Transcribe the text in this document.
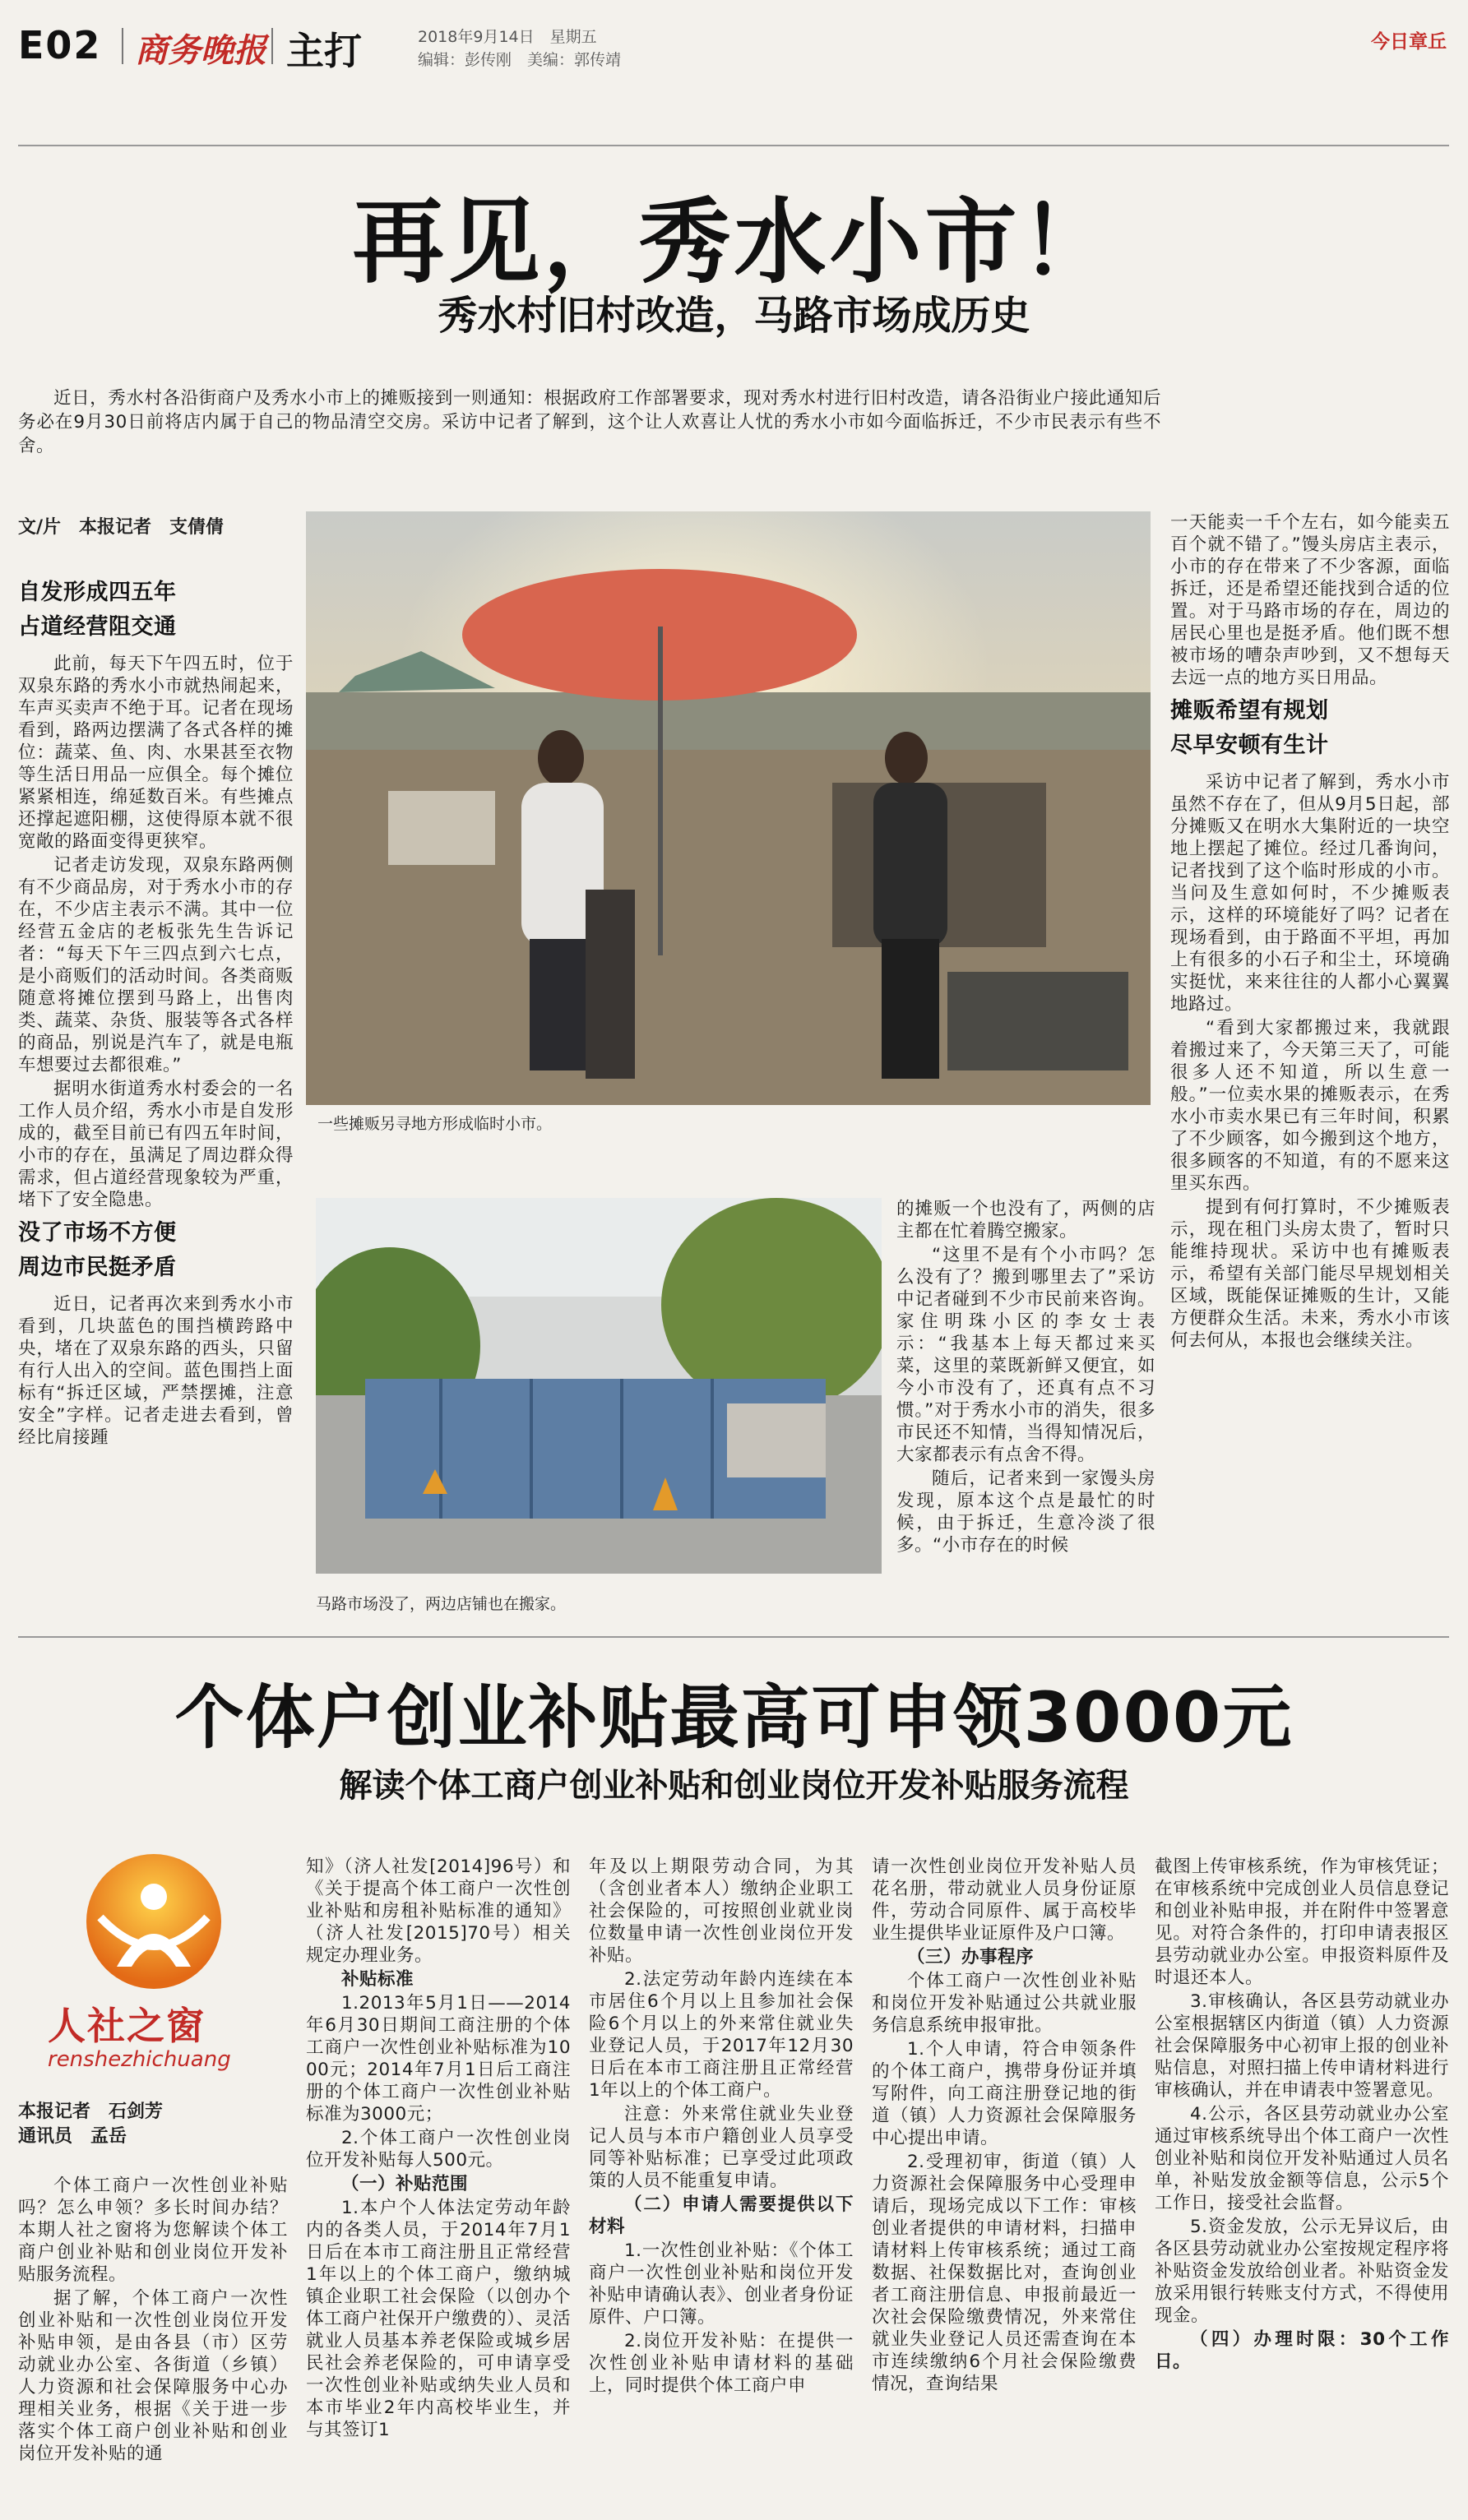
E02 商务晚报 主打	2018年9月14日　星期五
编辑：彭传刚　美编：郭传靖
今日章丘
再见，秀水小市！
秀水村旧村改造，马路市场成历史

近日，秀水村各沿街商户及秀水小市上的摊贩接到一则通知：根据政府工作部署要求，现对秀水村进行旧村改造，请各沿街业户接此通知后务必在9月30日前将店内属于自己的物品清空交房。采访中记者了解到，这个让人欢喜让人忧的秀水小市如今面临拆迁，不少市民表示有些不舍。

文/片　本报记者　支倩倩
自发形成四五年
占道经营阻交通

此前，每天下午四五时，位于双泉东路的秀水小市就热闹起来，车声买卖声不绝于耳。记者在现场看到，路两边摆满了各式各样的摊位：蔬菜、鱼、肉、水果甚至衣物等生活日用品一应俱全。每个摊位紧紧相连，绵延数百米。有些摊点还撑起遮阳棚，这使得原本就不很宽敞的路面变得更狭窄。

记者走访发现，双泉东路两侧有不少商品房，对于秀水小市的存在，不少店主表示不满。其中一位经营五金店的老板张先生告诉记者：“每天下午三四点到六七点，是小商贩们的活动时间。各类商贩随意将摊位摆到马路上，出售肉类、蔬菜、杂货、服装等各式各样的商品，别说是汽车了，就是电瓶车想要过去都很难。”

据明水街道秀水村委会的一名工作人员介绍，秀水小市是自发形成的，截至目前已有四五年时间，小市的存在，虽满足了周边群众得需求，但占道经营现象较为严重，堵下了安全隐患。

没了市场不方便
周边市民挺矛盾

近日，记者再次来到秀水小市看到，几块蓝色的围挡横跨路中央，堵在了双泉东路的西头，只留有行人出入的空间。蓝色围挡上面标有“拆迁区域，严禁摆摊，注意安全”字样。记者走进去看到，曾经比肩接踵

一些摊贩另寻地方形成临时小市。
马路市场没了，两边店铺也在搬家。

的摊贩一个也没有了，两侧的店主都在忙着腾空搬家。

“这里不是有个小市吗？怎么没有了？搬到哪里去了”采访中记者碰到不少市民前来咨询。家住明珠小区的李女士表示：“我基本上每天都过来买菜，这里的菜既新鲜又便宜，如今小市没有了，还真有点不习惯。”对于秀水小市的消失，很多市民还不知情，当得知情况后，大家都表示有点舍不得。

随后，记者来到一家馒头房发现，原本这个点是最忙的时候，由于拆迁，生意冷淡了很多。“小市存在的时候

一天能卖一千个左右，如今能卖五百个就不错了。”馒头房店主表示，小市的存在带来了不少客源，面临拆迁，还是希望还能找到合适的位置。对于马路市场的存在，周边的居民心里也是挺矛盾。他们既不想被市场的嘈杂声吵到，又不想每天去远一点的地方买日用品。

摊贩希望有规划
尽早安顿有生计

采访中记者了解到，秀水小市虽然不存在了，但从9月5日起，部分摊贩又在明水大集附近的一块空地上摆起了摊位。经过几番询问，记者找到了这个临时形成的小市。当问及生意如何时，不少摊贩表示，这样的环境能好了吗？记者在现场看到，由于路面不平坦，再加上有很多的小石子和尘土，环境确实挺忧，来来往往的人都小心翼翼地路过。

“看到大家都搬过来，我就跟着搬过来了，今天第三天了，可能很多人还不知道，所以生意一般。”一位卖水果的摊贩表示，在秀水小市卖水果已有三年时间，积累了不少顾客，如今搬到这个地方，很多顾客的不知道，有的不愿来这里买东西。

提到有何打算时，不少摊贩表示，现在租门头房太贵了，暂时只能维持现状。采访中也有摊贩表示，希望有关部门能尽早规划相关区域，既能保证摊贩的生计，又能方便群众生活。未来，秀水小市该何去何从，本报也会继续关注。

个体户创业补贴最高可申领3000元
解读个体工商户创业补贴和创业岗位开发补贴服务流程
人社之窗
renshezhichuang
本报记者　石剑芳
通讯员　孟岳

个体工商户一次性创业补贴吗？怎么申领？多长时间办结？本期人社之窗将为您解读个体工商户创业补贴和创业岗位开发补贴服务流程。

据了解，个体工商户一次性创业补贴和一次性创业岗位开发补贴申领，是由各县（市）区劳动就业办公室、各街道（乡镇）人力资源和社会保障服务中心办理相关业务，根据《关于进一步落实个体工商户创业补贴和创业岗位开发补贴的通

知》（济人社发[2014]96号）和《关于提高个体工商户一次性创业补贴和房租补贴标准的通知》（济人社发[2015]70号）相关规定办理业务。

补贴标准

1.2013年5月1日——2014年6月30日期间工商注册的个体工商户一次性创业补贴标准为1000元；2014年7月1日后工商注册的个体工商户一次性创业补贴标准为3000元；

2.个体工商户一次性创业岗位开发补贴每人500元。

（一）补贴范围

1.本户个人体法定劳动年龄内的各类人员，于2014年7月1日后在本市工商注册且正常经营1年以上的个体工商户，缴纳城镇企业职工社会保险（以创办个体工商户社保开户缴费的）、灵活就业人员基本养老保险或城乡居民社会养老保险的，可申请享受一次性创业补贴或纳失业人员和本市毕业2年内高校毕业生，并与其签订1

年及以上期限劳动合同，为其（含创业者本人）缴纳企业职工社会保险的，可按照创业就业岗位数量申请一次性创业岗位开发补贴。

2.法定劳动年龄内连续在本市居住6个月以上且参加社会保险6个月以上的外来常住就业失业登记人员，于2017年12月30日后在本市工商注册且正常经营1年以上的个体工商户。

注意：外来常住就业失业登记人员与本市户籍创业人员享受同等补贴标准；已享受过此项政策的人员不能重复申请。

（二）申请人需要提供以下材料

1.一次性创业补贴：《个体工商户一次性创业补贴和岗位开发补贴申请确认表》、创业者身份证原件、户口簿。

2.岗位开发补贴：在提供一次性创业补贴申请材料的基础上，同时提供个体工商户申

请一次性创业岗位开发补贴人员花名册，带动就业人员身份证原件，劳动合同原件、属于高校毕业生提供毕业证原件及户口簿。

（三）办事程序

个体工商户一次性创业补贴和岗位开发补贴通过公共就业服务信息系统申报审批。

1.个人申请，符合申领条件的个体工商户，携带身份证并填写附件，向工商注册登记地的街道（镇）人力资源社会保障服务中心提出申请。

2.受理初审，街道（镇）人力资源社会保障服务中心受理申请后，现场完成以下工作：审核创业者提供的申请材料，扫描申请材料上传审核系统；通过工商数据、社保数据比对，查询创业者工商注册信息、申报前最近一次社会保险缴费情况，外来常住就业失业登记人员还需查询在本市连续缴纳6个月社会保险缴费情况，查询结果

截图上传审核系统，作为审核凭证；在审核系统中完成创业人员信息登记和创业补贴申报，并在附件中签署意见。对符合条件的，打印申请表报区县劳动就业办公室。申报资料原件及时退还本人。

3.审核确认，各区县劳动就业办公室根据辖区内街道（镇）人力资源社会保障服务中心初审上报的创业补贴信息，对照扫描上传申请材料进行审核确认，并在申请表中签署意见。

4.公示，各区县劳动就业办公室通过审核系统导出个体工商户一次性创业补贴和岗位开发补贴通过人员名单，补贴发放金额等信息，公示5个工作日，接受社会监督。

5.资金发放，公示无异议后，由各区县劳动就业办公室按规定程序将补贴资金发放给创业者。补贴资金发放采用银行转账支付方式，不得使用现金。

（四）办理时限：30个工作日。
